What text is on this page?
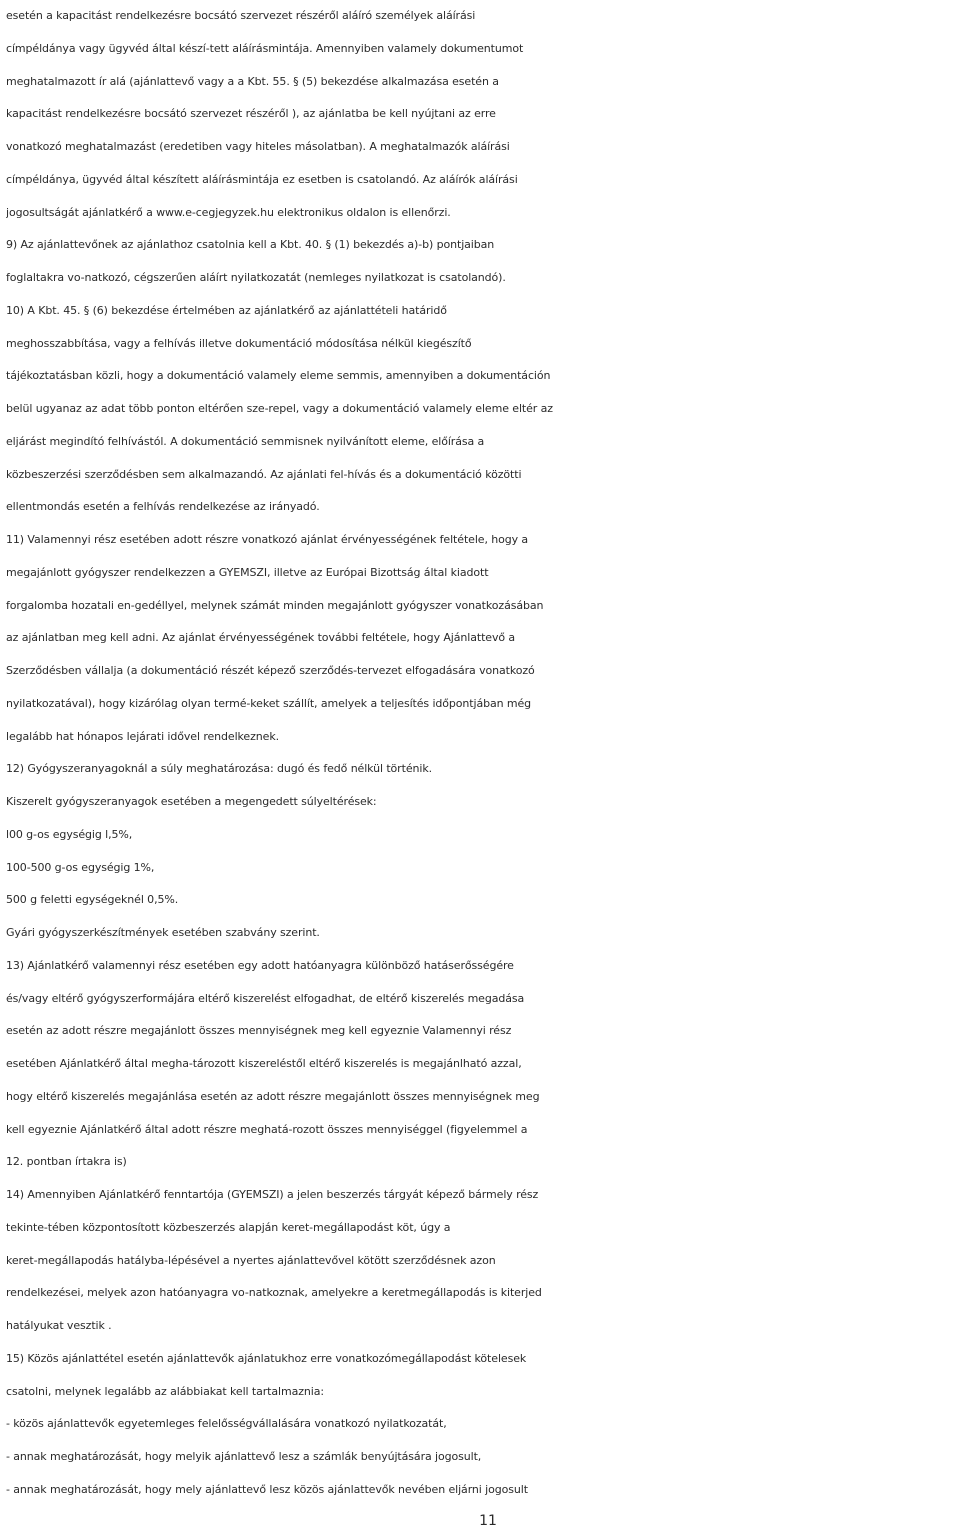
esetén a kapacitást rendelkezésre bocsátó szervezet részéről aláíró személyek aláírási
címpéldánya vagy ügyvéd által készí-tett aláírásmintája. Amennyiben valamely dokumentumot
meghatalmazott ír alá (ajánlattevő vagy a a Kbt. 55. § (5) bekezdése alkalmazása esetén a
kapacitást rendelkezésre bocsátó szervezet részéről ), az ajánlatba be kell nyújtani az erre
vonatkozó meghatalmazást (eredetiben vagy hiteles másolatban). A meghatalmazók aláírási
címpéldánya, ügyvéd által készített aláírásmintája ez esetben is csatolandó. Az aláírók aláírási
jogosultságát ajánlatkérő a www.e-cegjegyzek.hu elektronikus oldalon is ellenőrzi.
9) Az ajánlattevőnek az ajánlathoz csatolnia kell a Kbt. 40. § (1) bekezdés a)-b) pontjaiban
foglaltakra vo-natkozó, cégszerűen aláírt nyilatkozatát (nemleges nyilatkozat is csatolandó).
10) A Kbt. 45. § (6) bekezdése értelmében az ajánlatkérő az ajánlattételi határidő
meghosszabbítása, vagy a felhívás illetve dokumentáció módosítása nélkül kiegészítő
tájékoztatásban közli, hogy a dokumentáció valamely eleme semmis, amennyiben a dokumentáción
belül ugyanaz az adat több ponton eltérően sze-repel, vagy a dokumentáció valamely eleme eltér az
eljárást megindító felhívástól. A dokumentáció semmisnek nyilvánított eleme, előírása a
közbeszerzési szerződésben sem alkalmazandó. Az ajánlati fel-hívás és a dokumentáció közötti
ellentmondás esetén a felhívás rendelkezése az irányadó.
11) Valamennyi rész esetében adott részre vonatkozó ajánlat érvényességének feltétele, hogy a
megajánlott gyógyszer rendelkezzen a GYEMSZI, illetve az Európai Bizottság által kiadott
forgalomba hozatali en-gedéllyel, melynek számát minden megajánlott gyógyszer vonatkozásában
az ajánlatban meg kell adni. Az ajánlat érvényességének további feltétele, hogy Ajánlattevő a
Szerződésben vállalja (a dokumentáció részét képező szerződés-tervezet elfogadására vonatkozó
nyilatkozatával), hogy kizárólag olyan termé-keket szállít, amelyek a teljesítés időpontjában még
legalább hat hónapos lejárati idővel rendelkeznek.
12) Gyógyszeranyagoknál a súly meghatározása: dugó és fedő nélkül történik.
Kiszerelt gyógyszeranyagok esetében a megengedett súlyeltérések:
l00 g-os egységig l,5%,
100-500 g-os egységig 1%,
500 g feletti egységeknél 0,5%.
Gyári gyógyszerkészítmények esetében szabvány szerint.
13) Ajánlatkérő valamennyi rész esetében egy adott hatóanyagra különböző hatáserősségére
és/vagy eltérő gyógyszerformájára eltérő kiszerelést elfogadhat, de eltérő kiszerelés megadása
esetén az adott részre megajánlott összes mennyiségnek meg kell egyeznie Valamennyi rész
esetében Ajánlatkérő által megha-tározott kiszereléstől eltérő kiszerelés is megajánlható azzal,
hogy eltérő kiszerelés megajánlása esetén az adott részre megajánlott összes mennyiségnek meg
kell egyeznie Ajánlatkérő által adott részre meghatá-rozott összes mennyiséggel (figyelemmel a
12. pontban írtakra is)
14) Amennyiben Ajánlatkérő fenntartója (GYEMSZI) a jelen beszerzés tárgyát képező bármely rész
tekinte-tében központosított közbeszerzés alapján keret-megállapodást köt, úgy a
keret-megállapodás hatályba-lépésével a nyertes ajánlattevővel kötött szerződésnek azon
rendelkezései, melyek azon hatóanyagra vo-natkoznak, amelyekre a keretmegállapodás is kiterjed
hatályukat vesztik .
15) Közös ajánlattétel esetén ajánlattevők ajánlatukhoz erre vonatkozómegállapodást kötelesek
csatolni, melynek legalább az alábbiakat kell tartalmaznia:
- közös ajánlattevők egyetemleges felelősségvállalására vonatkozó nyilatkozatát,
- annak meghatározását, hogy melyik ajánlattevő lesz a számlák benyújtására jogosult,
- annak meghatározását, hogy mely ajánlattevő lesz közös ajánlattevők nevében eljárni jogosult
11
